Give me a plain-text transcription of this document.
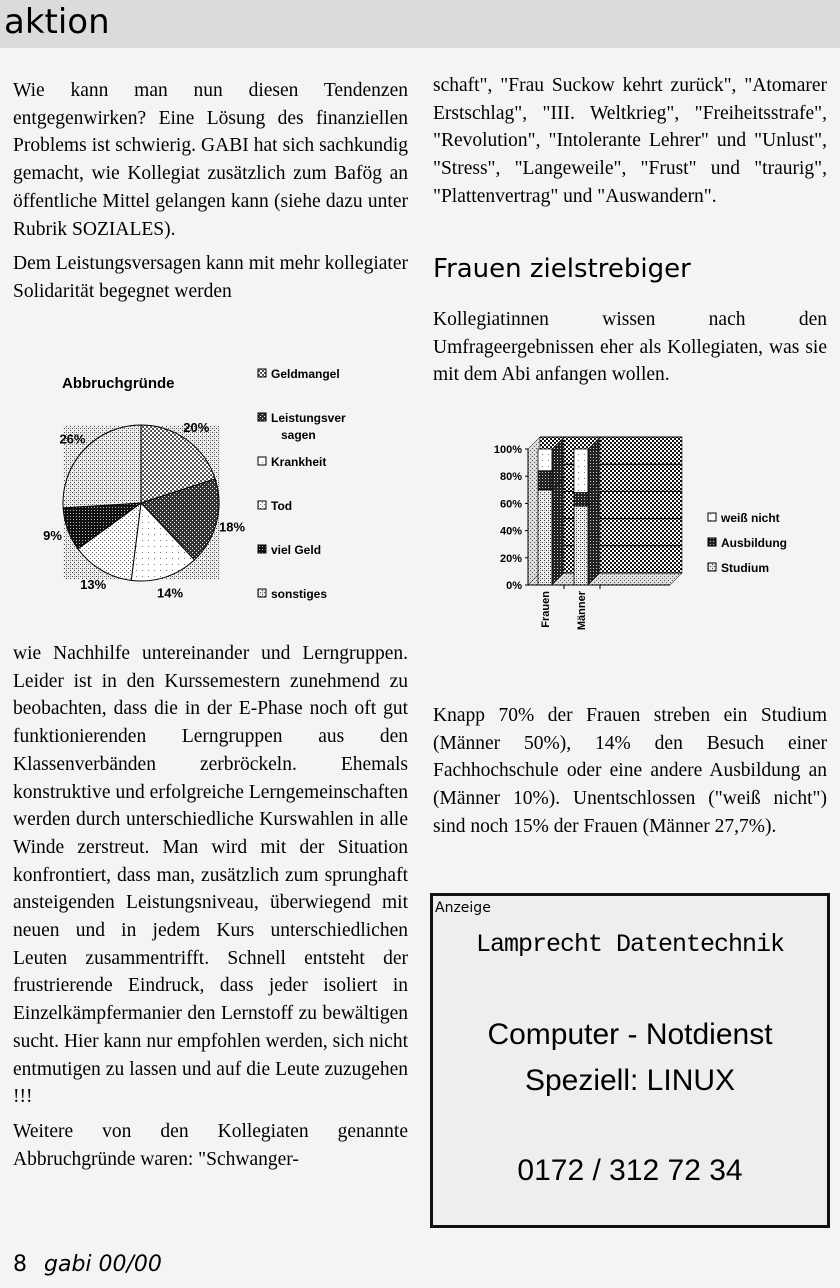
aktion

Wie kann man nun diesen Tendenzen entgegenwirken? Eine Lösung des finanziellen Problems ist schwierig. GABI hat sich sachkundig gemacht, wie Kollegiat zusätzlich zum Bafög an öffentliche Mittel gelangen kann (siehe dazu unter Rubrik SOZIALES).

Dem Leistungsversagen kann mit mehr kollegiater Solidarität begegnet werden

Abbruchgründe
20%
18%
14%
13%
9%
26%
Geldmangel
Leistungsver sagen
Krankheit
Tod
viel Geld
sonstiges

wie Nachhilfe untereinander und Lerngruppen. Leider ist in den Kurssemestern zunehmend zu beobachten, dass die in der E-Phase noch oft gut funktionierenden Lerngruppen aus den Klassenverbänden zerbröckeln. Ehemals konstruktive und erfolgreiche Lerngemeinschaften werden durch unterschiedliche Kurswahlen in alle Winde zerstreut. Man wird mit der Situation konfrontiert, dass man, zusätzlich zum sprunghaft ansteigenden Leistungsniveau, überwiegend mit neuen und in jedem Kurs unterschiedlichen Leuten zusammentrifft. Schnell entsteht der frustrierende Eindruck, dass jeder isoliert in Einzelkämpfermanier den Lernstoff zu bewältigen sucht. Hier kann nur empfohlen werden, sich nicht entmutigen zu lassen und auf die Leute zuzugehen !!!

Weitere von den Kollegiaten genannte Abbruchgründe waren: "Schwanger-

schaft", "Frau Suckow kehrt zurück", "Atomarer Erstschlag", "III. Weltkrieg", "Freiheitsstrafe", "Revolution", "Intolerante Lehrer" und "Unlust", "Stress", "Langeweile", "Frust" und "traurig", "Plattenvertrag" und "Auswandern".

Frauen zielstrebiger

Kollegiatinnen wissen nach den Umfrageergebnissen eher als Kollegiaten, was sie mit dem Abi anfangen wollen.

0%
20%
40%
60%
80%
100%
Frauen Männer
weiß nicht
Ausbildung
Studium

Knapp 70% der Frauen streben ein Studium (Männer 50%), 14% den Besuch einer Fachhochschule oder eine andere Ausbildung an (Männer 10%). Unentschlossen ("weiß nicht") sind noch 15% der Frauen (Männer 27,7%).

Anzeige
Lamprecht Datentechnik
Computer - Notdienst
Speziell: LINUX
0172 / 312 72 34
8 gabi 00/00
